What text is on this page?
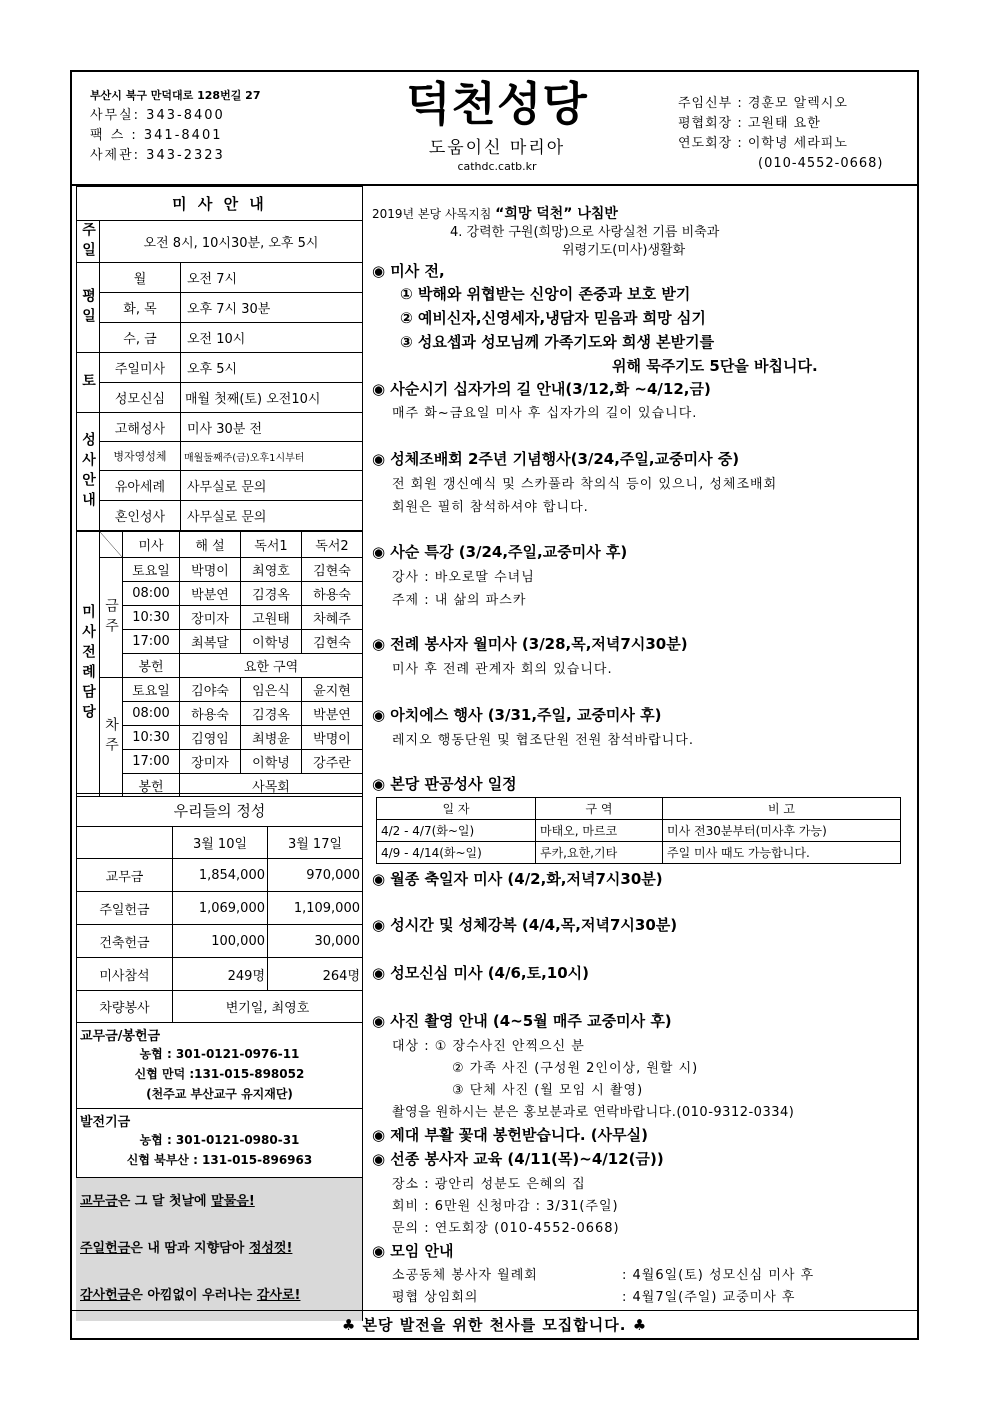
부산시 북구 만덕대로 128번길 27
사무실: 343-8400
팩 스 : 341-8401
사제관: 343-2323
덕천성당
도움이신 마리아
cathdc.catb.kr
주임신부 : 경훈모 알렉시오
평협회장 : 고원태 요한
연도회장 : 이학녕 세라피노
(010-4552-0668)
미 사 안 내		
주일	오전 8시, 10시30분, 오후 5시	
평일	월	오전 7시
	화, 목	오후 7시 30분
	수, 금	오전 10시
토	주일미사	오후 5시
	성모신심	매월 첫째(토) 오전10시
성사안내	고해성사	미사 30분 전
	병자영성체	매월둘째주(금)오후1시부터
	유아세례	사무실로 문의
	혼인성사	사무실로 문의
미사전례담당		미사	해 설	독서1	독서2
	금주	토요일	박명이	최영호	김현숙
		08:00	박분연	김경옥	하용숙
		10:30	장미자	고원태	차혜주
		17:00	최복달	이학녕	김현숙
		봉헌	요한 구역		
	차주	토요일	김야숙	임은식	윤지현
		08:00	하용숙	김경옥	박분연
		10:30	김영임	최병윤	박명이
		17:00	장미자	이학녕	강주란
		봉헌	사목회		
우리들의 정성		
	3월 10일	3월 17일
교무금	1,854,000	970,000
주일헌금	1,069,000	1,109,000
건축헌금	100,000	30,000
미사참석	249명	264명
차량봉사	변기일, 최영호	
교무금/봉헌금
농협 : 301-0121-0976-11
신협 만덕 :131-015-898052
(천주교 부산교구 유지재단)
발전기금
농협 : 301-0121-0980-31
신협 북부산 : 131-015-896963
교무금은 그 달 첫날에 맡물음!
주일헌금은 내 땀과 지향담아 정성껏!
감사헌금은 아낌없이 우러나는 감사로!
2019년 본당 사목지침 “희망 덕천” 나침반
4. 강력한 구원(희망)으로 사랑실천 기름 비축과
위령기도(미사)생활화
◉ 미사 전,
① 박해와 위협받는 신앙이 존중과 보호 받기
② 예비신자,신영세자,냉담자 믿음과 희망 심기
③ 성요셉과 성모님께 가족기도와 희생 본받기를
위해 묵주기도 5단을 바칩니다.
◉ 사순시기 십자가의 길 안내(3/12,화 ~4/12,금)
매주 화~금요일 미사 후 십자가의 길이 있습니다.
◉ 성체조배회 2주년 기념행사(3/24,주일,교중미사 중)
전 회원 갱신예식 및 스카풀라 착의식 등이 있으니, 성체조배회
회원은 필히 참석하셔야 합니다.
◉ 사순 특강 (3/24,주일,교중미사 후)
강사 : 바오로딸 수녀님
주제 : 내 삶의 파스카
◉ 전례 봉사자 월미사 (3/28,목,저녁7시30분)
미사 후 전례 관계자 회의 있습니다.
◉ 아치에스 행사 (3/31,주일, 교중미사 후)
레지오 행동단원 및 협조단원 전원 참석바랍니다.
◉ 본당 판공성사 일정
일 자	구 역	비 고
4/2 - 4/7(화~일)	마태오, 마르코	미사 전30분부터(미사후 가능)
4/9 - 4/14(화~일)	루카,요한,기타	주일 미사 때도 가능합니다.
◉ 월종 축일자 미사 (4/2,화,저녁7시30분)
◉ 성시간 및 성체강복 (4/4,목,저녁7시30분)
◉ 성모신심 미사 (4/6,토,10시)
◉ 사진 촬영 안내 (4~5월 매주 교중미사 후)
대상 : ① 장수사진 안찍으신 분
② 가족 사진 (구성원 2인이상, 원할 시)
③ 단체 사진 (월 모임 시 촬영)
촬영을 원하시는 분은 홍보분과로 연락바랍니다.(010-9312-0334)
◉ 제대 부활 꽃대 봉헌받습니다. (사무실)
◉ 선종 봉사자 교육 (4/11(목)~4/12(금))
장소 : 광안리 성분도 은혜의 집
회비 : 6만원 신청마감 : 3/31(주일)
문의 : 연도회장 (010-4552-0668)
◉ 모임 안내
소공동체 봉사자 월례회	: 4월6일(토) 성모신심 미사 후
평협 상임회의	: 4월7일(주일) 교중미사 후
♣ 본당 발전을 위한 천사를 모집합니다. ♣
